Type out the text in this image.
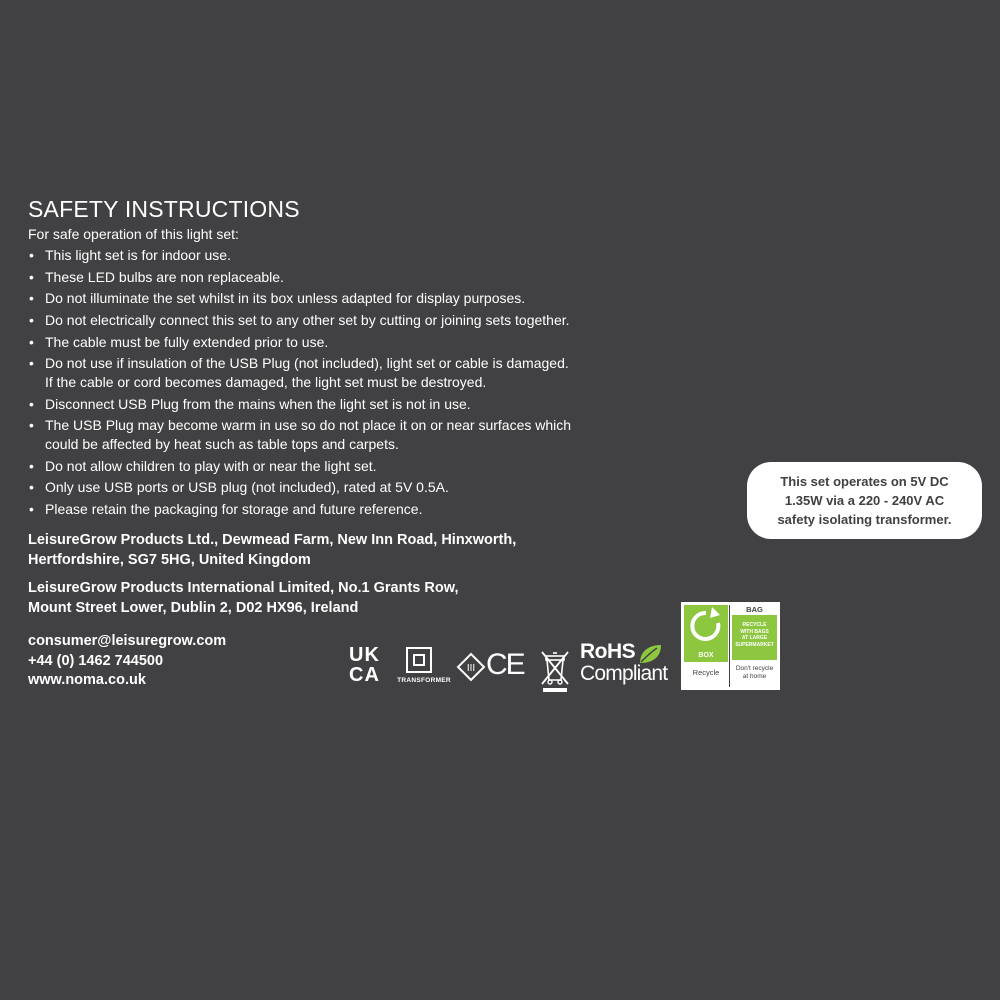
SAFETY INSTRUCTIONS
For safe operation of this light set:
• This light set is for indoor use.
• These LED bulbs are non replaceable.
• Do not illuminate the set whilst in its box unless adapted for display purposes.
• Do not electrically connect this set to any other set by cutting or joining sets together.
• The cable must be fully extended prior to use.
• Do not use if insulation of the USB Plug (not included), light set or cable is damaged.
If the cable or cord becomes damaged, the light set must be destroyed.
• Disconnect USB Plug from the mains when the light set is not in use.
• The USB Plug may become warm in use so do not place it on or near surfaces which
could be affected by heat such as table tops and carpets.
• Do not allow children to play with or near the light set.
• Only use USB ports or USB plug (not included), rated at 5V 0.5A.
• Please retain the packaging for storage and future reference.
LeisureGrow Products Ltd., Dewmead Farm, New Inn Road, Hinxworth,
Hertfordshire, SG7 5HG, United Kingdom
LeisureGrow Products International Limited, No.1 Grants Row,
Mount Street Lower, Dublin 2, D02 HX96, Ireland
consumer@leisuregrow.com
+44 (0) 1462 744500
www.noma.co.uk
This set operates on 5V DC
1.35W via a 220 - 240V AC
safety isolating transformer.
UK
CA	TRANSFORMER
III CE	RoHS
Compliant
BOX
Recycle
BAG
RECYCLE
WITH BAGS
AT LARGE
SUPERMARKET
Don't recycle
at home
